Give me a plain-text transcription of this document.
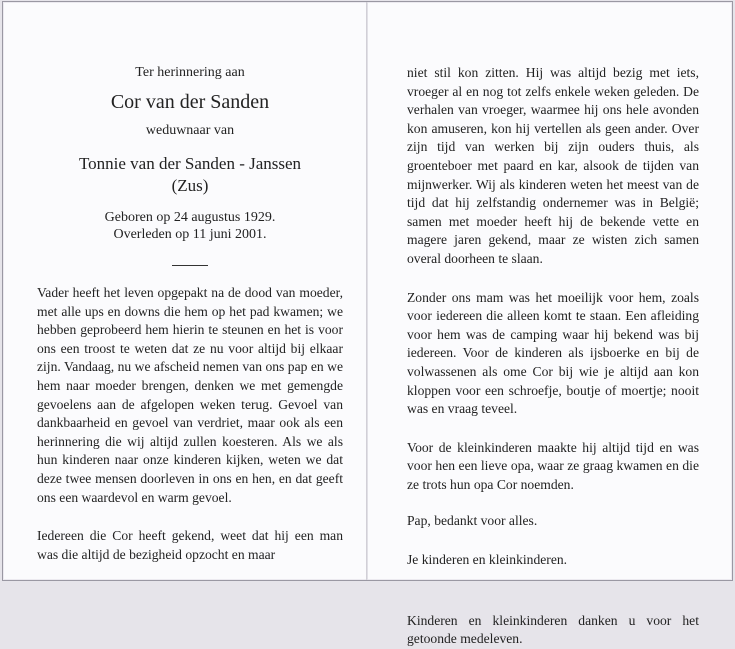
Ter herinnering aan
Cor van der Sanden
weduwnaar van
Tonnie van der Sanden - Janssen
(Zus)
Geboren op 24 augustus 1929.
Overleden op 11 juni 2001.

Vader heeft het leven opgepakt na de dood van moeder, met alle ups en downs die hem op het pad kwamen; we hebben geprobeerd hem hierin te steunen en het is voor ons een troost te weten dat ze nu voor altijd bij elkaar zijn. Vandaag, nu we afscheid nemen van ons pap en we hem naar moeder brengen, denken we met gemengde gevoelens aan de afgelopen weken terug. Gevoel van dankbaarheid en gevoel van verdriet, maar ook als een herinnering die wij altijd zullen koesteren. Als we als hun kinderen naar onze kinderen kijken, weten we dat deze twee mensen doorleven in ons en hen, en dat geeft ons een waardevol en warm gevoel.

Iedereen die Cor heeft gekend, weet dat hij een man was die altijd de bezigheid opzocht en maar

niet stil kon zitten. Hij was altijd bezig met iets, vroeger al en nog tot zelfs enkele weken geleden. De verhalen van vroeger, waarmee hij ons hele avonden kon amuseren, kon hij vertellen als geen ander. Over zijn tijd van werken bij zijn ouders thuis, als groenteboer met paard en kar, alsook de tijden van mijnwerker. Wij als kinderen weten het meest van de tijd dat hij zelfstandig ondernemer was in België; samen met moeder heeft hij de bekende vette en magere jaren gekend, maar ze wisten zich samen overal doorheen te slaan.

Zonder ons mam was het moeilijk voor hem, zoals voor iedereen die alleen komt te staan. Een afleiding voor hem was de camping waar hij bekend was bij iedereen. Voor de kinderen als ijsboerke en bij de volwassenen als ome Cor bij wie je altijd aan kon kloppen voor een schroefje, boutje of moertje; nooit was en vraag teveel.

Voor de kleinkinderen maakte hij altijd tijd en was voor hen een lieve opa, waar ze graag kwamen en die ze trots hun opa Cor noemden.

Pap, bedankt voor alles.

Je kinderen en kleinkinderen.

Kinderen en kleinkinderen danken u voor het getoonde medeleven.
